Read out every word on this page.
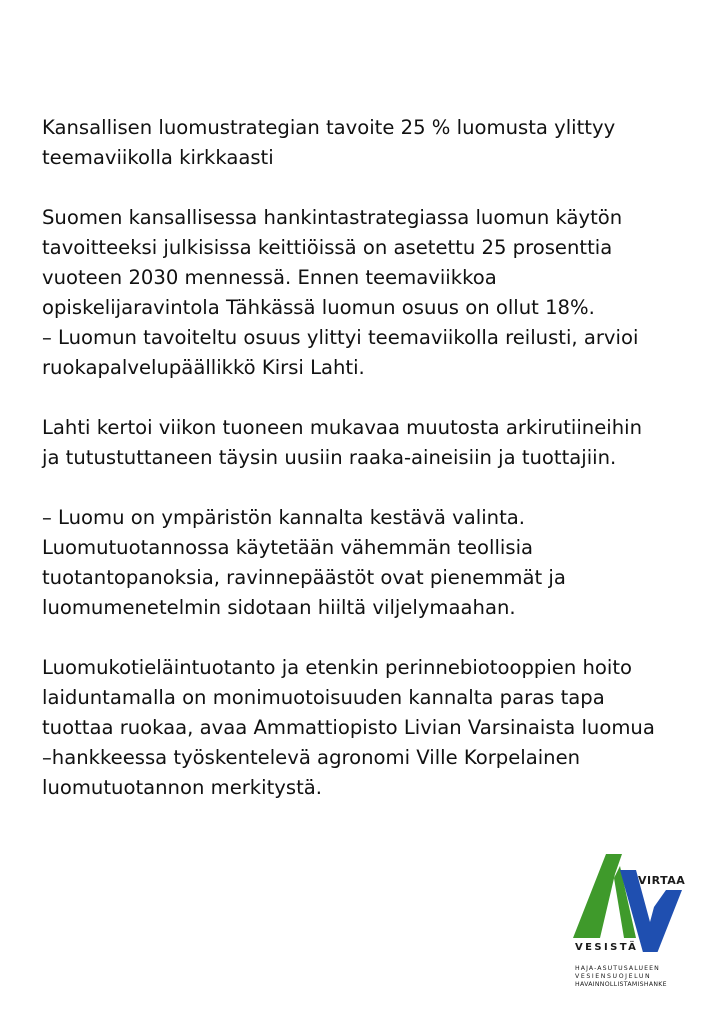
Kansallisen luomustrategian tavoite 25 % luomusta ylittyy
teemaviikolla kirkkaasti

Suomen kansallisessa hankintastrategiassa luomun käytön
tavoitteeksi julkisissa keittiöissä on asetettu 25 prosenttia
vuoteen 2030 mennessä. Ennen teemaviikkoa
opiskelijaravintola Tähkässä luomun osuus on ollut 18%.
– Luomun tavoiteltu osuus ylittyi teemaviikolla reilusti, arvioi
ruokapalvelupäällikkö Kirsi Lahti.

Lahti kertoi viikon tuoneen mukavaa muutosta arkirutiineihin
ja tutustuttaneen täysin uusiin raaka-aineisiin ja tuottajiin.

– Luomu on ympäristön kannalta kestävä valinta.
Luomutuotannossa käytetään vähemmän teollisia
tuotantopanoksia, ravinnepäästöt ovat pienemmät ja
luomumenetelmin sidotaan hiiltä viljelymaahan.

Luomukotieläintuotanto ja etenkin perinnebiotooppien hoito
laiduntamalla on monimuotoisuuden kannalta paras tapa
tuottaa ruokaa, avaa Ammattiopisto Livian Varsinaista luomua
–hankkeessa työskentelevä agronomi Ville Korpelainen
luomutuotannon merkitystä.

VIRTAA
VESISTÄ
HAJA-ASUTUSALUEEN
VESIENSUOJELUN
HAVAINNOLLISTAMISHANKE
